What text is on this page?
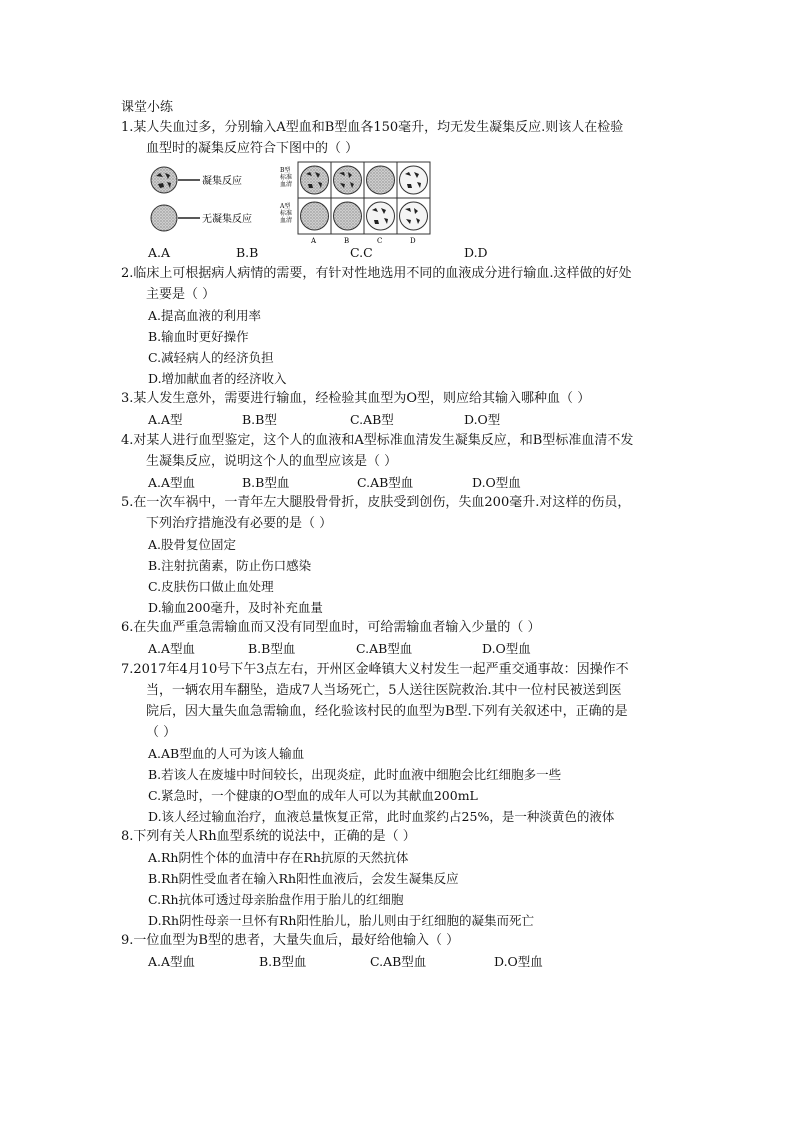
课堂小练
1.某人失血过多，分别输入A型血和B型血各150毫升，均无发生凝集反应.则该人在检验
血型时的凝集反应符合下图中的（ ）
凝集反应
无凝集反应
B型标准血清
A型标准血清
A	B	C	D
A.A	B.B	C.C	D.D
2.临床上可根据病人病情的需要，有针对性地选用不同的血液成分进行输血.这样做的好处
主要是（ ）
A.提高血液的利用率
B.输血时更好操作
C.减轻病人的经济负担
D.增加献血者的经济收入
3.某人发生意外，需要进行输血，经检验其血型为O型，则应给其输入哪种血（ ）
A.A型	B.B型	C.AB型	D.O型
4.对某人进行血型鉴定，这个人的血液和A型标准血清发生凝集反应，和B型标准血清不发
生凝集反应，说明这个人的血型应该是（ ）
A.A型血	B.B型血	C.AB型血	D.O型血
5.在一次车祸中，一青年左大腿股骨骨折，皮肤受到创伤，失血200毫升.对这样的伤员，
下列治疗措施没有必要的是（ ）
A.股骨复位固定
B.注射抗菌素，防止伤口感染
C.皮肤伤口做止血处理
D.输血200毫升，及时补充血量
6.在失血严重急需输血而又没有同型血时，可给需输血者输入少量的（ ）
A.A型血	B.B型血	C.AB型血	D.O型血
7.2017年4月10号下午3点左右，开州区金峰镇大义村发生一起严重交通事故：因操作不
当，一辆农用车翻坠，造成7人当场死亡，5人送往医院救治.其中一位村民被送到医
院后，因大量失血急需输血，经化验该村民的血型为B型.下列有关叙述中，正确的是
（ ）
A.AB型血的人可为该人输血
B.若该人在废墟中时间较长，出现炎症，此时血液中细胞会比红细胞多一些
C.紧急时，一个健康的O型血的成年人可以为其献血200mL
D.该人经过输血治疗，血液总量恢复正常，此时血浆约占25%，是一种淡黄色的液体
8.下列有关人Rh血型系统的说法中，正确的是（ ）
A.Rh阴性个体的血清中存在Rh抗原的天然抗体
B.Rh阴性受血者在输入Rh阳性血液后，会发生凝集反应
C.Rh抗体可透过母亲胎盘作用于胎儿的红细胞
D.Rh阴性母亲一旦怀有Rh阳性胎儿，胎儿则由于红细胞的凝集而死亡
9.一位血型为B型的患者，大量失血后，最好给他输入（ ）
A.A型血	B.B型血	C.AB型血	D.O型血
